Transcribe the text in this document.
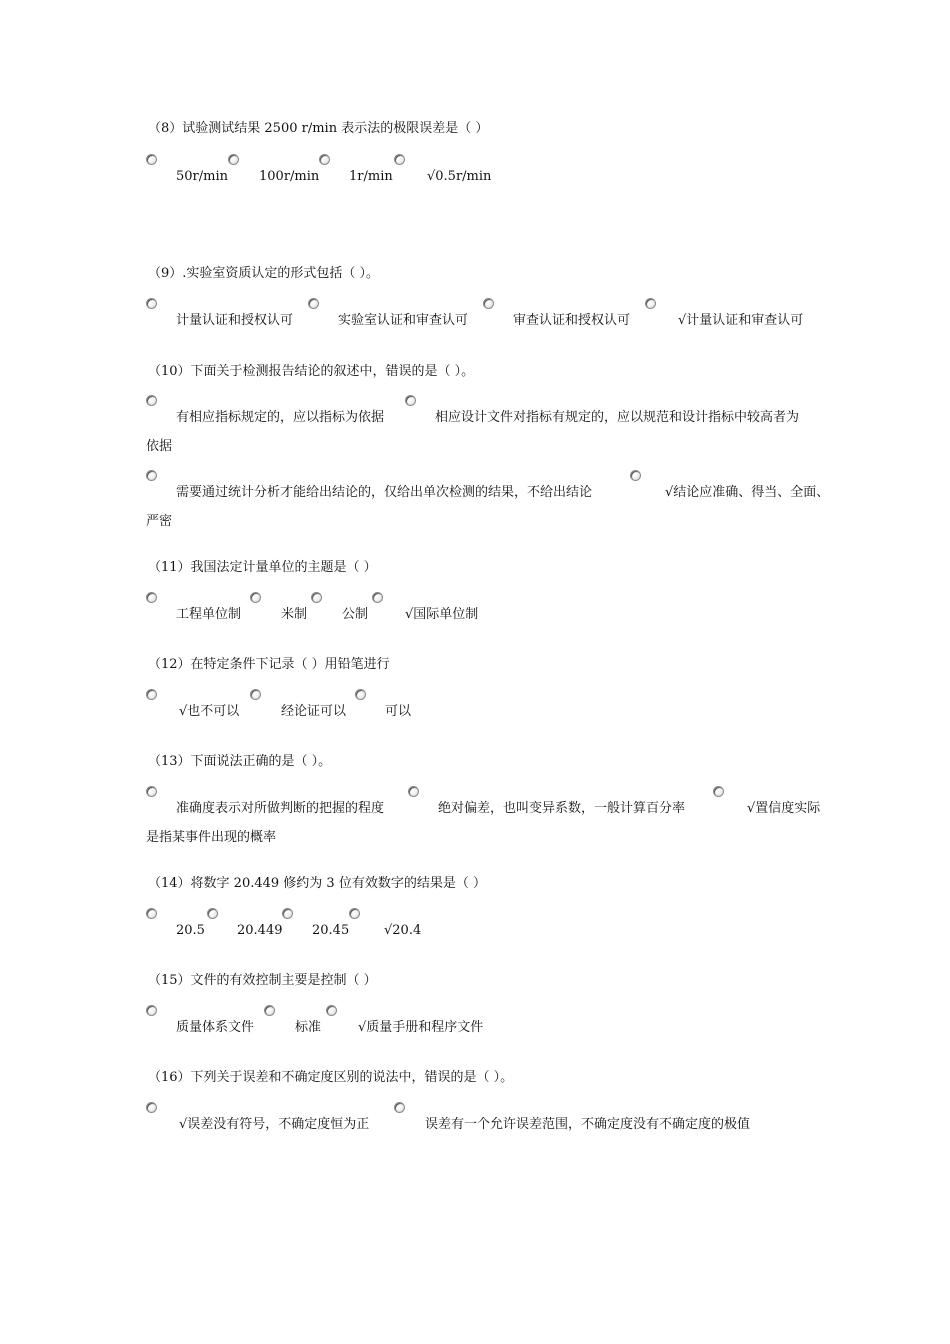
（8）试验测试结果 2500 r/min 表示法的极限误差是（ ）
50r/min 100r/min 1r/min	√0.5r/min
（9）.实验室资质认定的形式包括（ ）。
计量认证和授权认可	实验室认证和审查认可	审查认证和授权认可	√计量认证和审查认可
（10）下面关于检测报告结论的叙述中，错误的是（ ）。
有相应指标规定的，应以指标为依据	相应设计文件对指标有规定的，应以规范和设计指标中较高者为
依据
需要通过统计分析才能给出结论的，仅给出单次检测的结果，不给出结论	√结论应准确、得当、全面、
严密
（11）我国法定计量单位的主题是（ ）
工程单位制	米制	公制	√国际单位制
（12）在特定条件下记录（ ）用铅笔进行
√也不可以	经论证可以	可以
（13）下面说法正确的是（ ）。
准确度表示对所做判断的把握的程度	绝对偏差，也叫变异系数，一般计算百分率	√置信度实际
是指某事件出现的概率
（14）将数字 20.449 修约为 3 位有效数字的结果是（ ）
20.5 20.449 20.45	√20.4
（15）文件的有效控制主要是控制（ ）
质量体系文件	标准	√质量手册和程序文件
（16）下列关于误差和不确定度区别的说法中，错误的是（ ）。
√误差没有符号，不确定度恒为正	误差有一个允许误差范围，不确定度没有不确定度的极值
